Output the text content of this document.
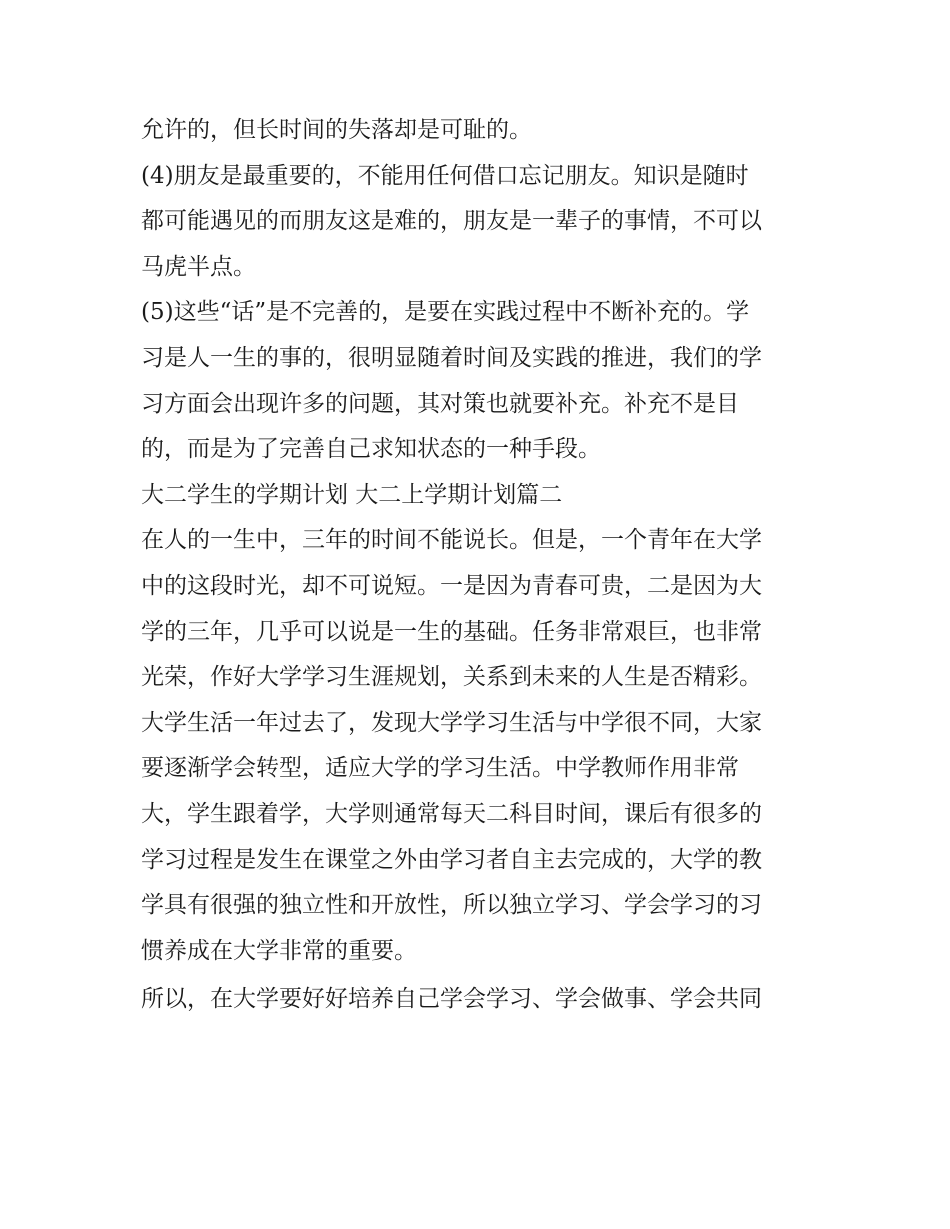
允许的，但长时间的失落却是可耻的。
(4)朋友是最重要的，不能用任何借口忘记朋友。知识是随时
都可能遇见的而朋友这是难的，朋友是一辈子的事情，不可以
马虎半点。
(5)这些“话”是不完善的，是要在实践过程中不断补充的。学
习是人一生的事的，很明显随着时间及实践的推进，我们的学
习方面会出现许多的问题，其对策也就要补充。补充不是目
的，而是为了完善自己求知状态的一种手段。
大二学生的学期计划 大二上学期计划篇二
在人的一生中，三年的时间不能说长。但是，一个青年在大学
中的这段时光，却不可说短。一是因为青春可贵，二是因为大
学的三年，几乎可以说是一生的基础。任务非常艰巨，也非常
光荣，作好大学学习生涯规划，关系到未来的人生是否精彩。
大学生活一年过去了，发现大学学习生活与中学很不同，大家
要逐渐学会转型，适应大学的学习生活。中学教师作用非常
大，学生跟着学，大学则通常每天二科目时间，课后有很多的
学习过程是发生在课堂之外由学习者自主去完成的，大学的教
学具有很强的独立性和开放性，所以独立学习、学会学习的习
惯养成在大学非常的重要。
所以，在大学要好好培养自己学会学习、学会做事、学会共同
